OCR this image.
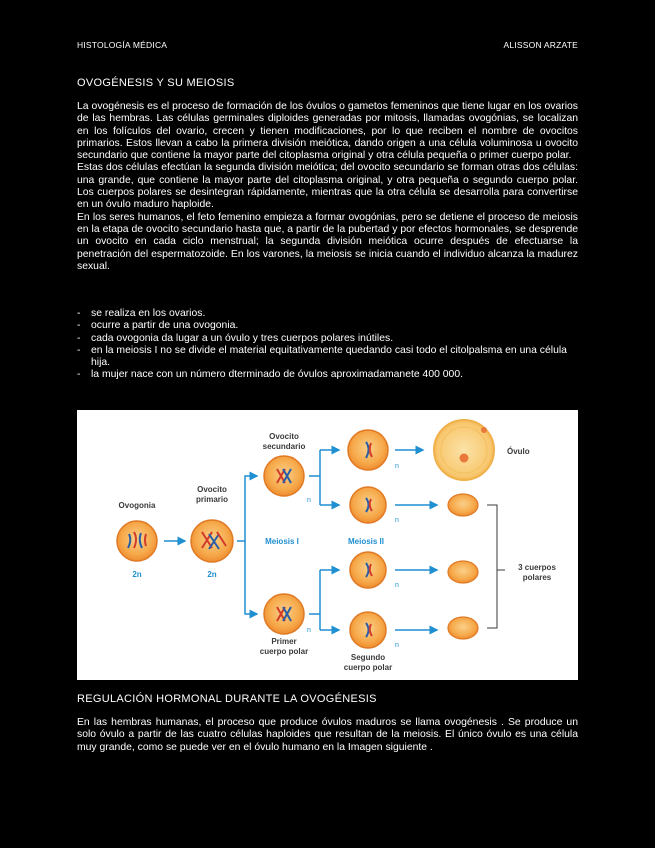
HISTOLOGÍA MÉDICA	ALISSON ARZATE
OVOGÉNESIS Y SU MEIOSIS

La ovogénesis es el proceso de formación de los óvulos o gametos femeninos que tiene lugar en los ovarios de las hembras. Las células germinales diploides generadas por mitosis, llamadas ovogónias, se localizan en los folículos del ovario, crecen y tienen modificaciones, por lo que reciben el nombre de ovocitos primarios. Estos llevan a cabo la primera división meiótica, dando origen a una célula voluminosa u ovocito secundario que contiene la mayor parte del citoplasma original y otra célula pequeña o primer cuerpo polar.

Estas dos células efectúan la segunda división meiótica; del ovocito secundario se forman otras dos células: una grande, que contiene la mayor parte del citoplasma original, y otra pequeña o segundo cuerpo polar. Los cuerpos polares se desintegran rápidamente, mientras que la otra célula se desarrolla para convertirse en un óvulo maduro haploide.

En los seres humanos, el feto femenino empieza a formar ovogónias, pero se detiene el proceso de meiosis en la etapa de ovocito secundario hasta que, a partir de la pubertad y por efectos hormonales, se desprende un ovocito en cada ciclo menstrual; la segunda división meiótica ocurre después de efectuarse la penetración del espermatozoide. En los varones, la meiosis se inicia cuando el individuo alcanza la madurez sexual.

- se realiza en los ovarios.
- ocurre a partir de una ovogonia.
- cada ovogonia da lugar a un óvulo y tres cuerpos polares inútiles.
- en la meiosis I no se divide el material equitativamente quedando casi todo el citolpalsma en una célula hija.
- la mujer nace con un número dterminado de óvulos aproximadamanete 400 000.
Ovogonia
2n
Ovocito
primario
2n
Meiosis I
Ovocito
secundario
n
n
Primer
cuerpo polar
Meiosis II
n
n
n
n
Segundo
cuerpo polar
Óvulo
3 cuerpos
polares
REGULACIÓN HORMONAL DURANTE LA OVOGÉNESIS
En las hembras humanas, el proceso que produce óvulos maduros se llama ovogénesis . Se produce un solo óvulo a partir de las cuatro células haploides que resultan de la meiosis. El único óvulo es una célula muy grande, como se puede ver en el óvulo humano en la Imagen siguiente .
